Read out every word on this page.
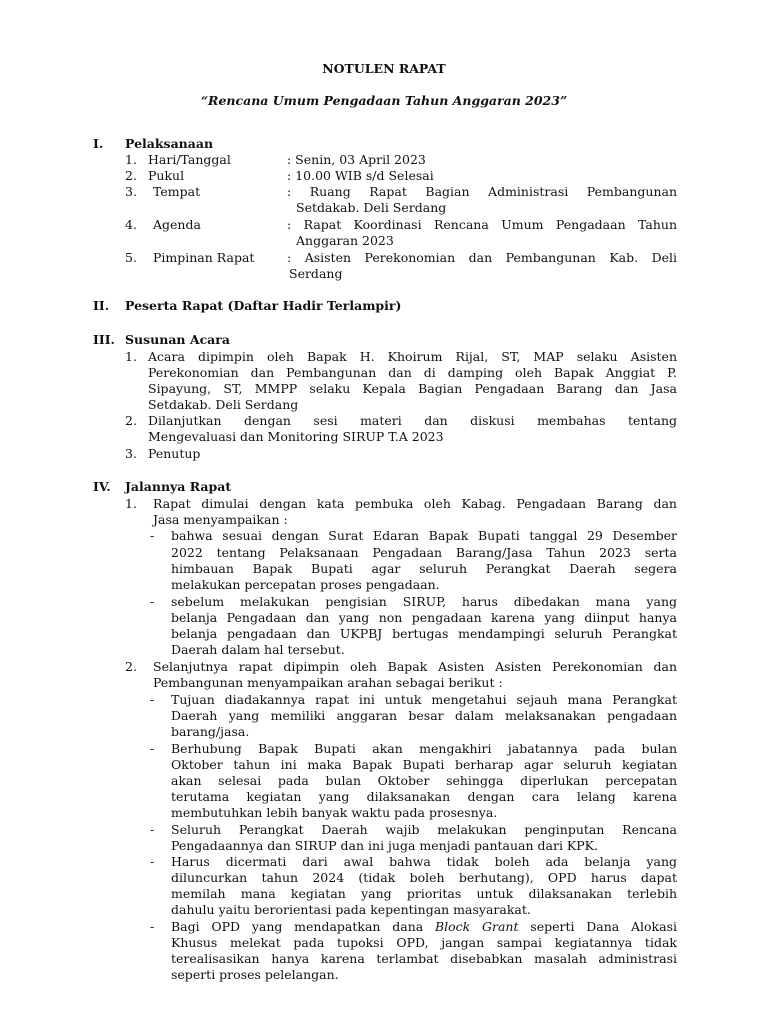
NOTULEN RAPAT
“Rencana Umum Pengadaan Tahun Anggaran 2023”
I. Pelaksanaan
1. Hari/Tanggal	: Senin, 03 April 2023
2. Pukul	: 10.00 WIB s/d Selesai
3. Tempat	: Ruang Rapat Bagian Administrasi Pembangunan
Setdakab. Deli Serdang
4. Agenda	: Rapat Koordinasi Rencana Umum Pengadaan Tahun
Anggaran 2023
5. Pimpinan Rapat	: Asisten Perekonomian dan Pembangunan Kab. Deli
Serdang
II. Peserta Rapat (Daftar Hadir Terlampir)
III. Susunan Acara
1. Acara dipimpin oleh Bapak H. Khoirum Rijal, ST, MAP selaku Asisten
Perekonomian dan Pembangunan dan di damping oleh Bapak Anggiat P.
Sipayung, ST, MMPP selaku Kepala Bagian Pengadaan Barang dan Jasa
Setdakab. Deli Serdang
2. Dilanjutkan dengan sesi materi dan diskusi membahas tentang
Mengevaluasi dan Monitoring SIRUP T.A 2023
3. Penutup
IV. Jalannya Rapat
1. Rapat dimulai dengan kata pembuka oleh Kabag. Pengadaan Barang dan
Jasa menyampaikan :
- bahwa sesuai dengan Surat Edaran Bapak Bupati tanggal 29 Desember
2022 tentang Pelaksanaan Pengadaan Barang/Jasa Tahun 2023 serta
himbauan Bapak Bupati agar seluruh Perangkat Daerah segera
melakukan percepatan proses pengadaan.
- sebelum melakukan pengisian SIRUP, harus dibedakan mana yang
belanja Pengadaan dan yang non pengadaan karena yang diinput hanya
belanja pengadaan dan UKPBJ bertugas mendampingi seluruh Perangkat
Daerah dalam hal tersebut.
2. Selanjutnya rapat dipimpin oleh Bapak Asisten Asisten Perekonomian dan
Pembangunan menyampaikan arahan sebagai berikut :
- Tujuan diadakannya rapat ini untuk mengetahui sejauh mana Perangkat
Daerah yang memiliki anggaran besar dalam melaksanakan pengadaan
barang/jasa.
- Berhubung Bapak Bupati akan mengakhiri jabatannya pada bulan
Oktober tahun ini maka Bapak Bupati berharap agar seluruh kegiatan
akan selesai pada bulan Oktober sehingga diperlukan percepatan
terutama kegiatan yang dilaksanakan dengan cara lelang karena
membutuhkan lebih banyak waktu pada prosesnya.
- Seluruh Perangkat Daerah wajib melakukan penginputan Rencana
Pengadaannya dan SIRUP dan ini juga menjadi pantauan dari KPK.
- Harus dicermati dari awal bahwa tidak boleh ada belanja yang
diluncurkan tahun 2024 (tidak boleh berhutang), OPD harus dapat
memilah mana kegiatan yang prioritas untuk dilaksanakan terlebih
dahulu yaitu berorientasi pada kepentingan masyarakat.
- Bagi OPD yang mendapatkan dana Block Grant seperti Dana Alokasi
Khusus melekat pada tupoksi OPD, jangan sampai kegiatannya tidak
terealisasikan hanya karena terlambat disebabkan masalah administrasi
seperti proses pelelangan.
